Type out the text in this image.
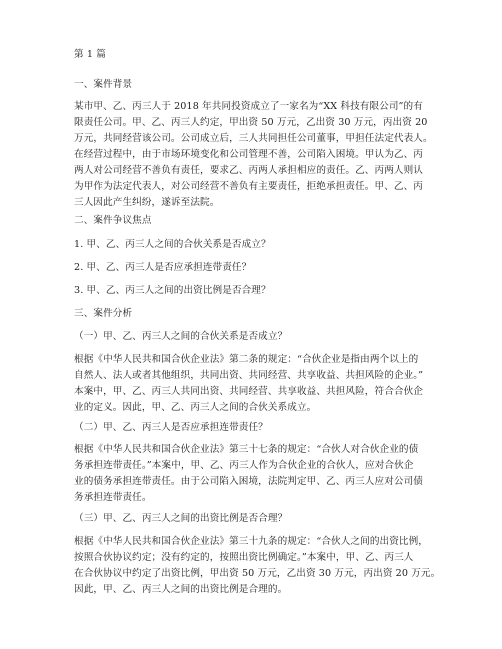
第 1 篇
一、案件背景
某市甲、乙、丙三人于 2018 年共同投资成立了一家名为“XX 科技有限公司”的有
限责任公司。甲、乙、丙三人约定，甲出资 50 万元，乙出资 30 万元，丙出资 20
万元，共同经营该公司。公司成立后，三人共同担任公司董事，甲担任法定代表人。
在经营过程中，由于市场环境变化和公司管理不善，公司陷入困境。甲认为乙、丙
两人对公司经营不善负有责任，要求乙、丙两人承担相应的责任。乙、丙两人则认
为甲作为法定代表人，对公司经营不善负有主要责任，拒绝承担责任。甲、乙、丙
三人因此产生纠纷，遂诉至法院。
二、案件争议焦点
1. 甲、乙、丙三人之间的合伙关系是否成立？
2. 甲、乙、丙三人是否应承担连带责任？
3. 甲、乙、丙三人之间的出资比例是否合理？
三、案件分析
（一）甲、乙、丙三人之间的合伙关系是否成立？
根据《中华人民共和国合伙企业法》第二条的规定：“合伙企业是指由两个以上的
自然人、法人或者其他组织，共同出资、共同经营、共享收益、共担风险的企业。”
本案中，甲、乙、丙三人共同出资、共同经营、共享收益、共担风险，符合合伙企
业的定义。因此，甲、乙、丙三人之间的合伙关系成立。
（二）甲、乙、丙三人是否应承担连带责任？
根据《中华人民共和国合伙企业法》第三十七条的规定：“合伙人对合伙企业的债
务承担连带责任。”本案中，甲、乙、丙三人作为合伙企业的合伙人，应对合伙企
业的债务承担连带责任。由于公司陷入困境，法院判定甲、乙、丙三人应对公司债
务承担连带责任。
（三）甲、乙、丙三人之间的出资比例是否合理？
根据《中华人民共和国合伙企业法》第三十九条的规定：“合伙人之间的出资比例，
按照合伙协议约定；没有约定的，按照出资比例确定。”本案中，甲、乙、丙三人
在合伙协议中约定了出资比例，甲出资 50 万元，乙出资 30 万元，丙出资 20 万元。
因此，甲、乙、丙三人之间的出资比例是合理的。
